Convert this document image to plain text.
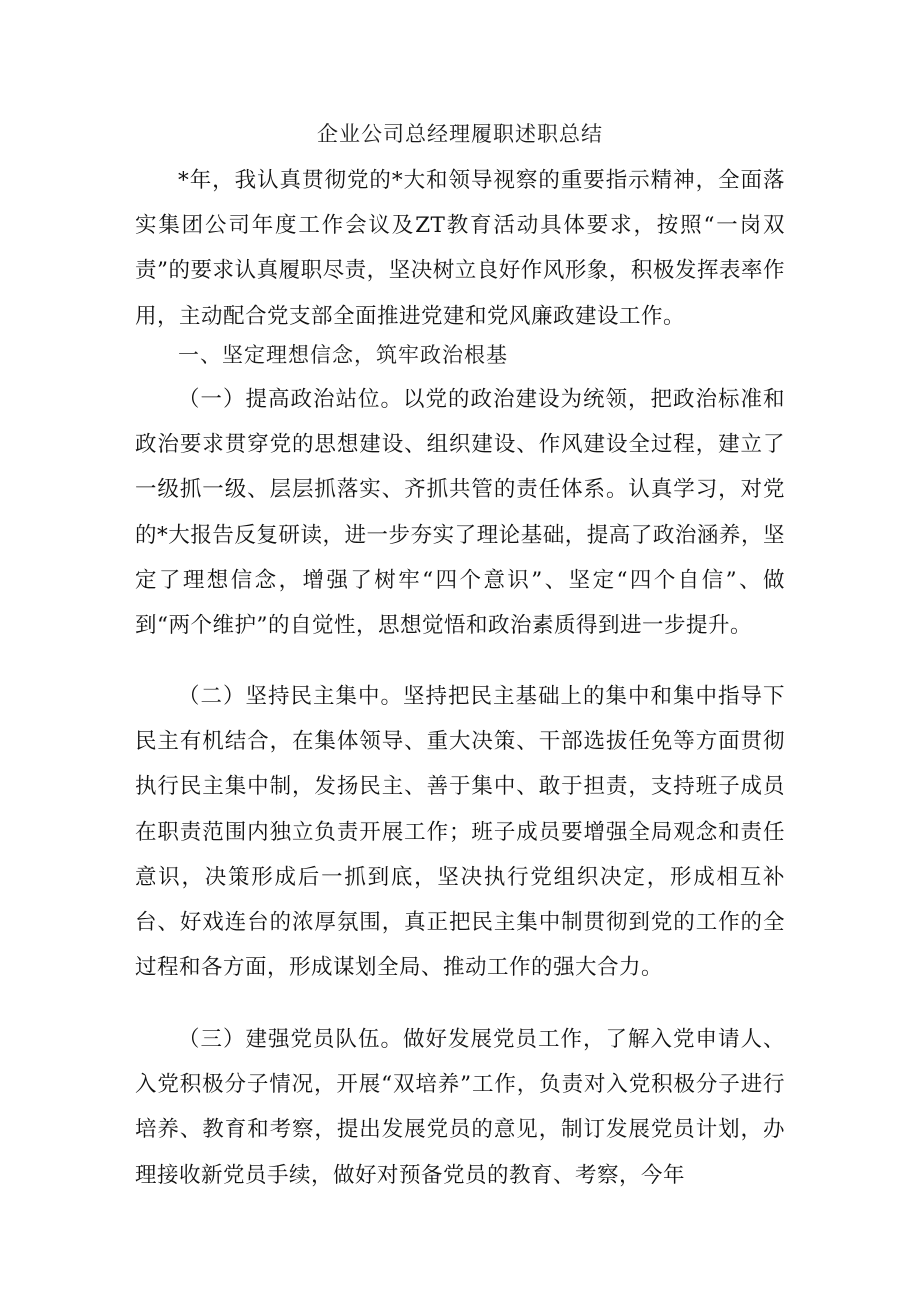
企业公司总经理履职述职总结
*年，我认真贯彻党的*大和领导视察的重要指示精神，全面落实集团公司年度工作会议及ZT教育活动具体要求，按照“一岗双责”的要求认真履职尽责，坚决树立良好作风形象，积极发挥表率作用，主动配合党支部全面推进党建和党风廉政建设工作。
一、坚定理想信念，筑牢政治根基
（一）提高政治站位。以党的政治建设为统领，把政治标准和政治要求贯穿党的思想建设、组织建设、作风建设全过程，建立了一级抓一级、层层抓落实、齐抓共管的责任体系。认真学习，对党的*大报告反复研读，进一步夯实了理论基础，提高了政治涵养，坚定了理想信念，增强了树牢“四个意识”、坚定“四个自信”、做到“两个维护”的自觉性，思想觉悟和政治素质得到进一步提升。
（二）坚持民主集中。坚持把民主基础上的集中和集中指导下民主有机结合，在集体领导、重大决策、干部选拔任免等方面贯彻执行民主集中制，发扬民主、善于集中、敢于担责，支持班子成员在职责范围内独立负责开展工作；班子成员要增强全局观念和责任意识，决策形成后一抓到底，坚决执行党组织决定，形成相互补台、好戏连台的浓厚氛围，真正把民主集中制贯彻到党的工作的全过程和各方面，形成谋划全局、推动工作的强大合力。
（三）建强党员队伍。做好发展党员工作，了解入党申请人、入党积极分子情况，开展“双培养”工作，负责对入党积极分子进行培养、教育和考察，提出发展党员的意见，制订发展党员计划，办理接收新党员手续，做好对预备党员的教育、考察，今年
